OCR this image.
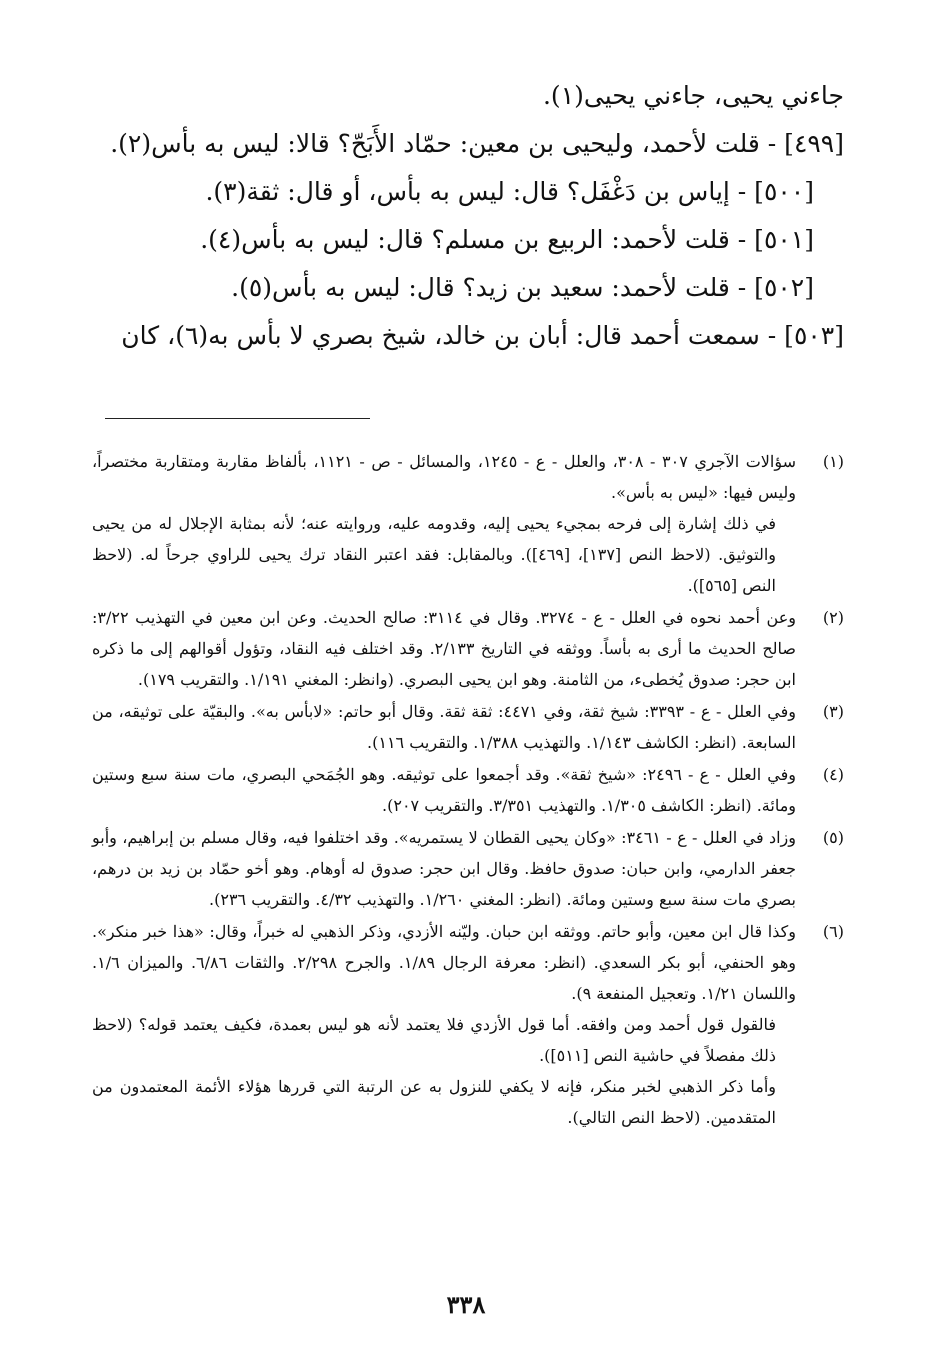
جاءني يحيى، جاءني يحيى(١).

[٤٩٩] - قلت لأحمد، وليحيى بن معين: حمّاد الأَبَحّ؟ قالا: ليس به بأس(٢).

[٥٠٠] - إياس بن دَغْفَل؟ قال: ليس به بأس، أو قال: ثقة(٣).

[٥٠١] - قلت لأحمد: الربيع بن مسلم؟ قال: ليس به بأس(٤).

[٥٠٢] - قلت لأحمد: سعيد بن زيد؟ قال: ليس به بأس(٥).

[٥٠٣] - سمعت أحمد قال: أبان بن خالد، شيخ بصري لا بأس به(٦)، كان

(١)

سؤالات الآجري ٣٠٧ - ٣٠٨، والعلل - ع - ١٢٤٥، والمسائل - ص - ١١٢١، بألفاظ مقاربة ومتقاربة مختصراً، وليس فيها: «ليس به بأس».

في ذلك إشارة إلى فرحه بمجيء يحيى إليه، وقدومه عليه، وروايته عنه؛ لأنه بمثابة الإجلال له من يحيى والتوثيق. (لاحظ النص [١٣٧]، [٤٦٩]). وبالمقابل: فقد اعتبر النقاد ترك يحيى للراوي جرحاً له. (لاحظ النص [٥٦٥]).

(٢)

وعن أحمد نحوه في العلل - ع - ٣٢٧٤. وقال في ٣١١٤: صالح الحديث. وعن ابن معين في التهذيب ٣/٢٢: صالح الحديث ما أرى به بأساً. ووثقه في التاريخ ٢/١٣٣. وقد اختلف فيه النقاد، وتؤول أقوالهم إلى ما ذكره ابن حجر: صدوق يُخطىء، من الثامنة. وهو ابن يحيى البصري. (وانظر: المغني ١/١٩١. والتقريب ١٧٩).

(٣)

وفي العلل - ع - ٣٣٩٣: شيخ ثقة، وفي ٤٤٧١: ثقة ثقة. وقال أبو حاتم: «لابأس به». والبقيّة على توثيقه، من السابعة. (انظر: الكاشف ١/١٤٣. والتهذيب ١/٣٨٨. والتقريب ١١٦).

(٤)

وفي العلل - ع - ٢٤٩٦: «شيخ ثقة». وقد أجمعوا على توثيقه. وهو الجُمَحي البصري، مات سنة سبع وستين ومائة. (انظر: الكاشف ١/٣٠٥. والتهذيب ٣/٣٥١. والتقريب ٢٠٧).

(٥)

وزاد في العلل - ع - ٣٤٦١: «وكان يحيى القطان لا يستمريه». وقد اختلفوا فيه، وقال مسلم بن إبراهيم، وأبو جعفر الدارمي، وابن حبان: صدوق حافظ. وقال ابن حجر: صدوق له أوهام. وهو أخو حمّاد بن زيد بن درهم، بصري مات سنة سبع وستين ومائة. (انظر: المغني ١/٢٦٠. والتهذيب ٤/٣٢. والتقريب ٢٣٦).

(٦)

وكذا قال ابن معين، وأبو حاتم. ووثقه ابن حبان. وليّنه الأزدي، وذكر الذهبي له خبراً، وقال: «هذا خبر منكر». وهو الحنفي، أبو بكر السعدي. (انظر: معرفة الرجال ١/٨٩. والجرح ٢/٢٩٨. والثقات ٦/٨٦. والميزان ١/٦. واللسان ١/٢١. وتعجيل المنفعة ٩).

فالقول قول أحمد ومن وافقه. أما قول الأزدي فلا يعتمد لأنه هو ليس بعمدة، فكيف يعتمد قوله؟ (لاحظ ذلك مفصلاً في حاشية النص [٥١١]).

وأما ذكر الذهبي لخبر منكر، فإنه لا يكفي للنزول به عن الرتبة التي قررها هؤلاء الأئمة المعتمدون من المتقدمين. (لاحظ النص التالي).

٣٣٨
